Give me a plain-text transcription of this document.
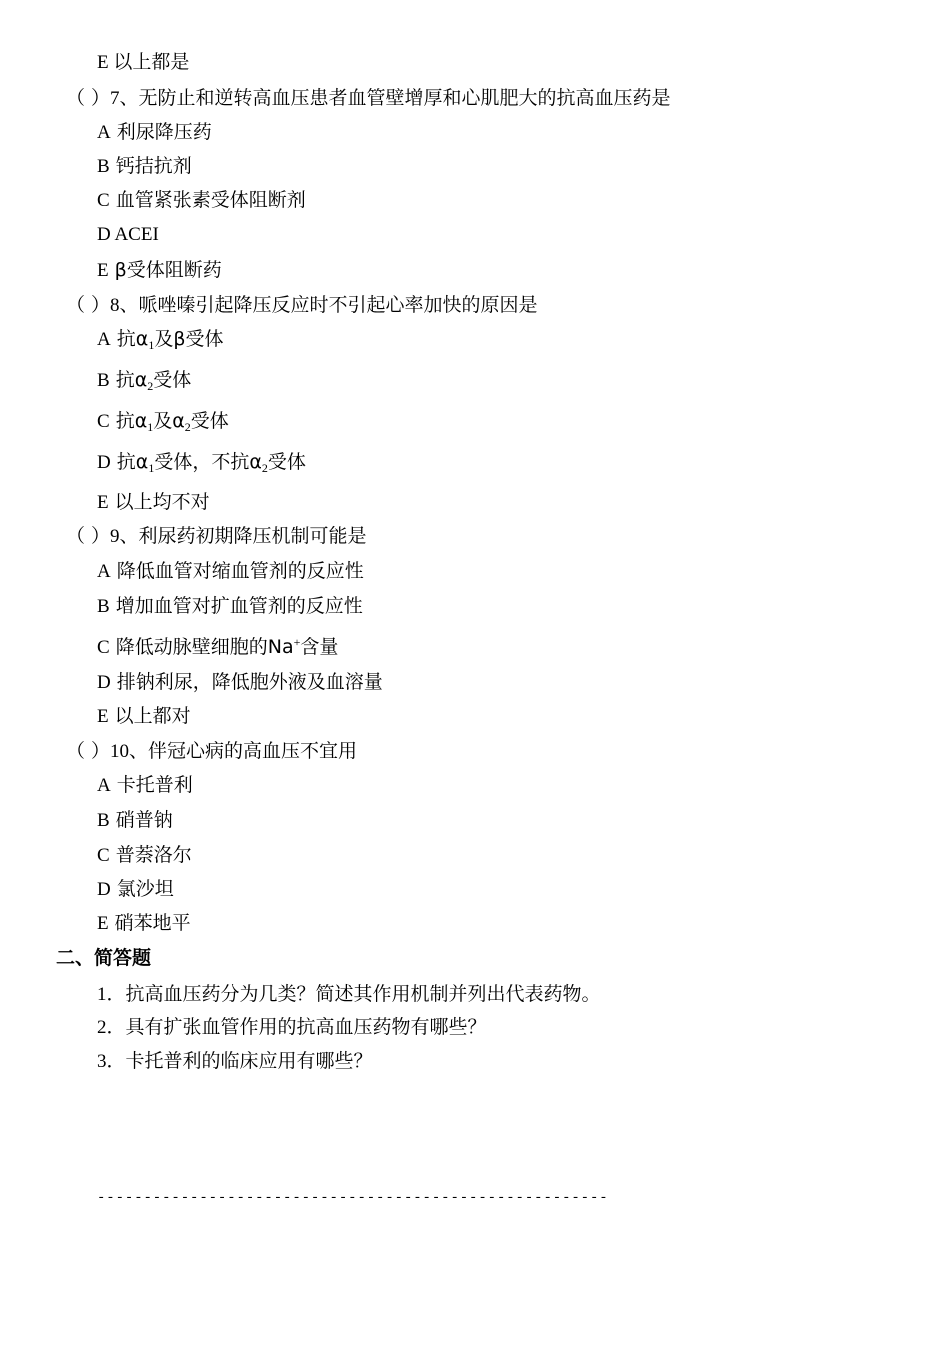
E 以上都是
（ ）7、无防止和逆转高血压患者血管壁增厚和心肌肥大的抗高血压药是
A 利尿降压药
B 钙拮抗剂
C 血管紧张素受体阻断剂
D ACEI
E β受体阻断药
（ ）8、哌唑嗪引起降压反应时不引起心率加快的原因是
A 抗$\alpha_1$及β受体
B 抗$\alpha_2$受体
C 抗$\alpha_1$及$\alpha_2$受体
D 抗$\alpha_1$受体，不抗$\alpha_2$受体
E 以上均不对
（ ）9、利尿药初期降压机制可能是
A 降低血管对缩血管剂的反应性
B 增加血管对扩血管剂的反应性
C 降低动脉壁细胞的Na+含量
D 排钠利尿，降低胞外液及血溶量
E 以上都对
（ ）10、伴冠心病的高血压不宜用
A 卡托普利
B 硝普钠
C 普萘洛尔
D 氯沙坦
E 硝苯地平
二、简答题
1．抗高血压药分为几类？简述其作用机制并列出代表药物。
2．具有扩张血管作用的抗高血压药物有哪些？
3．卡托普利的临床应用有哪些？
-------------------------------------------------------
